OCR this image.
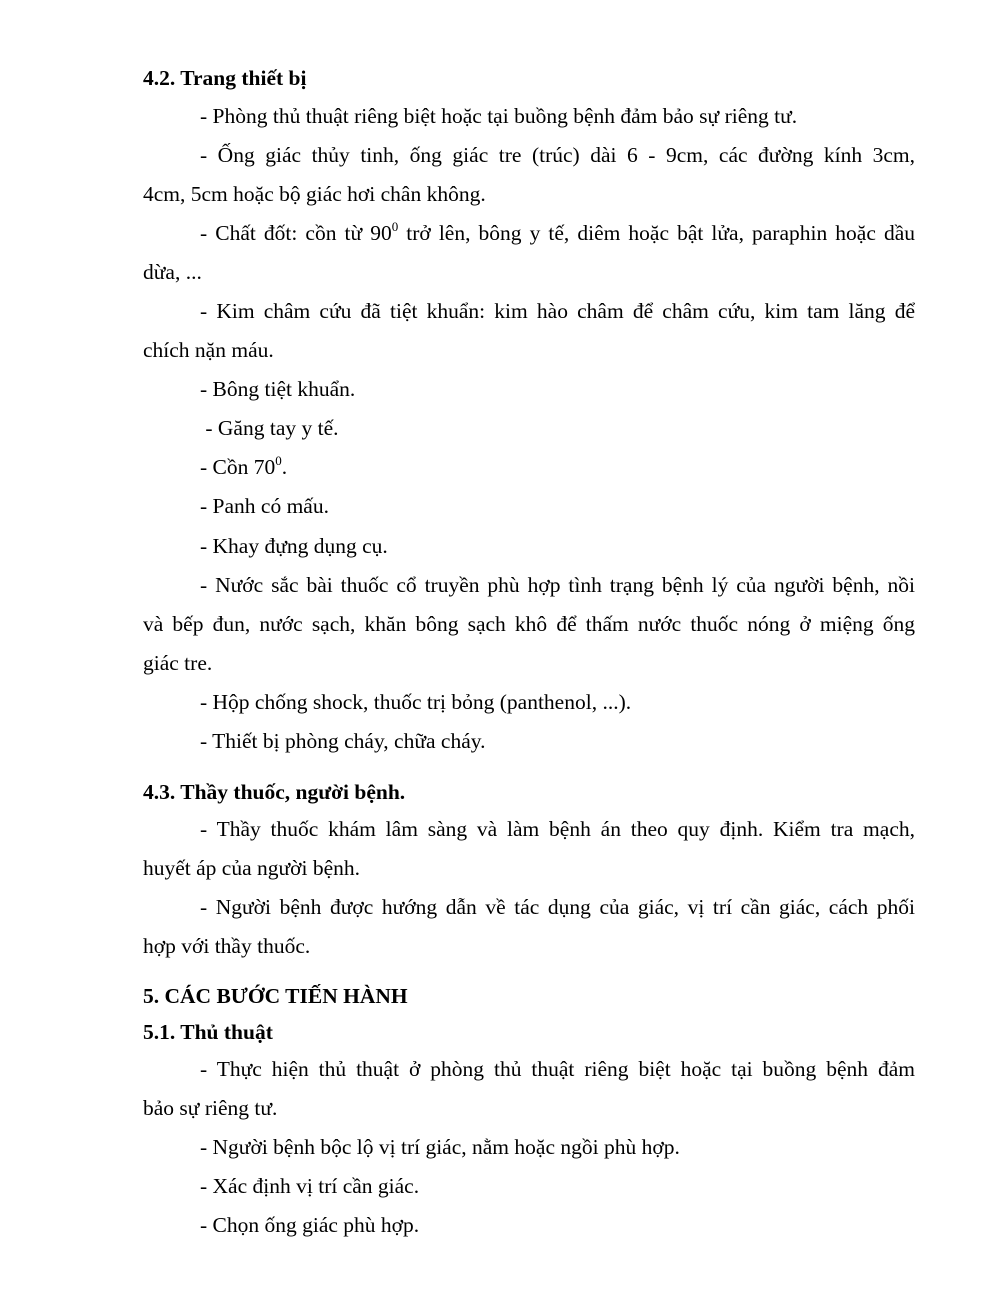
4.2. Trang thiết bị
- Phòng thủ thuật riêng biệt hoặc tại buồng bệnh đảm bảo sự riêng tư.
- Ống giác thủy tinh, ống giác tre (trúc) dài 6 - 9cm, các đường kính 3cm,
4cm, 5cm hoặc bộ giác hơi chân không.
- Chất đốt: cồn từ $90^0$ trở lên, bông y tế, diêm hoặc bật lửa, paraphin hoặc dầu
dừa, ...
- Kim châm cứu đã tiệt khuẩn: kim hào châm để châm cứu, kim tam lăng để
chích nặn máu.
- Bông tiệt khuẩn.
- Găng tay y tế.
- Cồn $70^0$.
- Panh có mấu.
- Khay đựng dụng cụ.
- Nước sắc bài thuốc cổ truyền phù hợp tình trạng bệnh lý của người bệnh, nồi
và bếp đun, nước sạch, khăn bông sạch khô để thấm nước thuốc nóng ở miệng ống
giác tre.
- Hộp chống shock, thuốc trị bỏng (panthenol, ...).
- Thiết bị phòng cháy, chữa cháy.
4.3. Thầy thuốc, người bệnh.
- Thầy thuốc khám lâm sàng và làm bệnh án theo quy định. Kiểm tra mạch,
huyết áp của người bệnh.
- Người bệnh được hướng dẫn về tác dụng của giác, vị trí cần giác, cách phối
hợp với thầy thuốc.
5. CÁC BƯỚC TIẾN HÀNH
5.1. Thủ thuật
- Thực hiện thủ thuật ở phòng thủ thuật riêng biệt hoặc tại buồng bệnh đảm
bảo sự riêng tư.
- Người bệnh bộc lộ vị trí giác, nằm hoặc ngồi phù hợp.
- Xác định vị trí cần giác.
- Chọn ống giác phù hợp.
